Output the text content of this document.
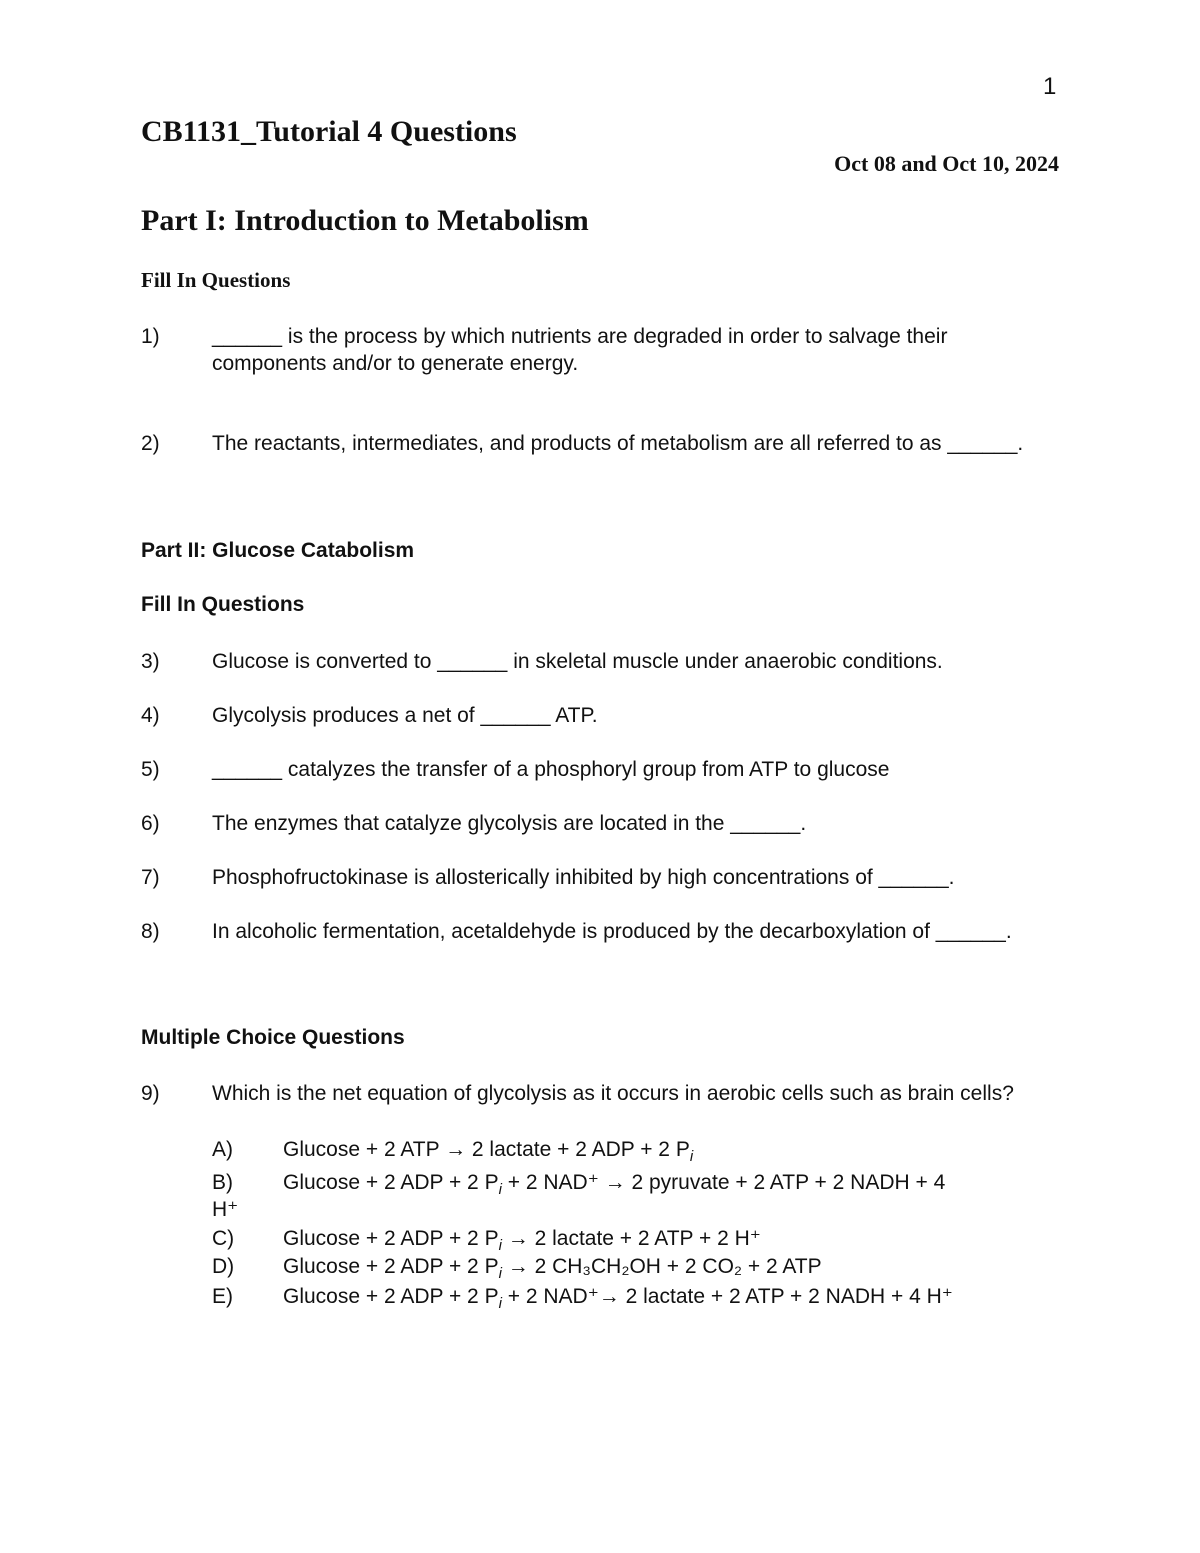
1
CB1131_Tutorial 4 Questions
Oct 08 and Oct 10, 2024
Part I: Introduction to Metabolism
Fill In Questions
1) ______ is the process by which nutrients are degraded in order to salvage their components and/or to generate energy.
2) The reactants, intermediates, and products of metabolism are all referred to as ______.
Part II: Glucose Catabolism
Fill In Questions
3) Glucose is converted to ______ in skeletal muscle under anaerobic conditions.
4) Glycolysis produces a net of ______ ATP.
5) ______ catalyzes the transfer of a phosphoryl group from ATP to glucose
6) The enzymes that catalyze glycolysis are located in the ______.
7) Phosphofructokinase is allosterically inhibited by high concentrations of ______.
8) In alcoholic fermentation, acetaldehyde is produced by the decarboxylation of ______.
Multiple Choice Questions
9)	Which is the net equation of glycolysis as it occurs in aerobic cells such as brain cells?
A) Glucose + 2 ATP → 2 lactate + 2 ADP + 2 $P_i$
B) Glucose + 2 ADP + 2 $P_i + 2$ NAD⁺ → 2 pyruvate + 2 ATP + 2 NADH + 4
H⁺
C) Glucose + 2 ADP + 2 $P_i \to 2$ lactate + 2 ATP + 2 H⁺
D) Glucose + 2 ADP + 2 $P_i \to 2$ CH₃CH₂OH + 2 CO₂ + 2 ATP
E) Glucose + 2 ADP + 2 $P_i + 2$ NAD⁺→ 2 lactate + 2 ATP + 2 NADH + 4 H⁺
